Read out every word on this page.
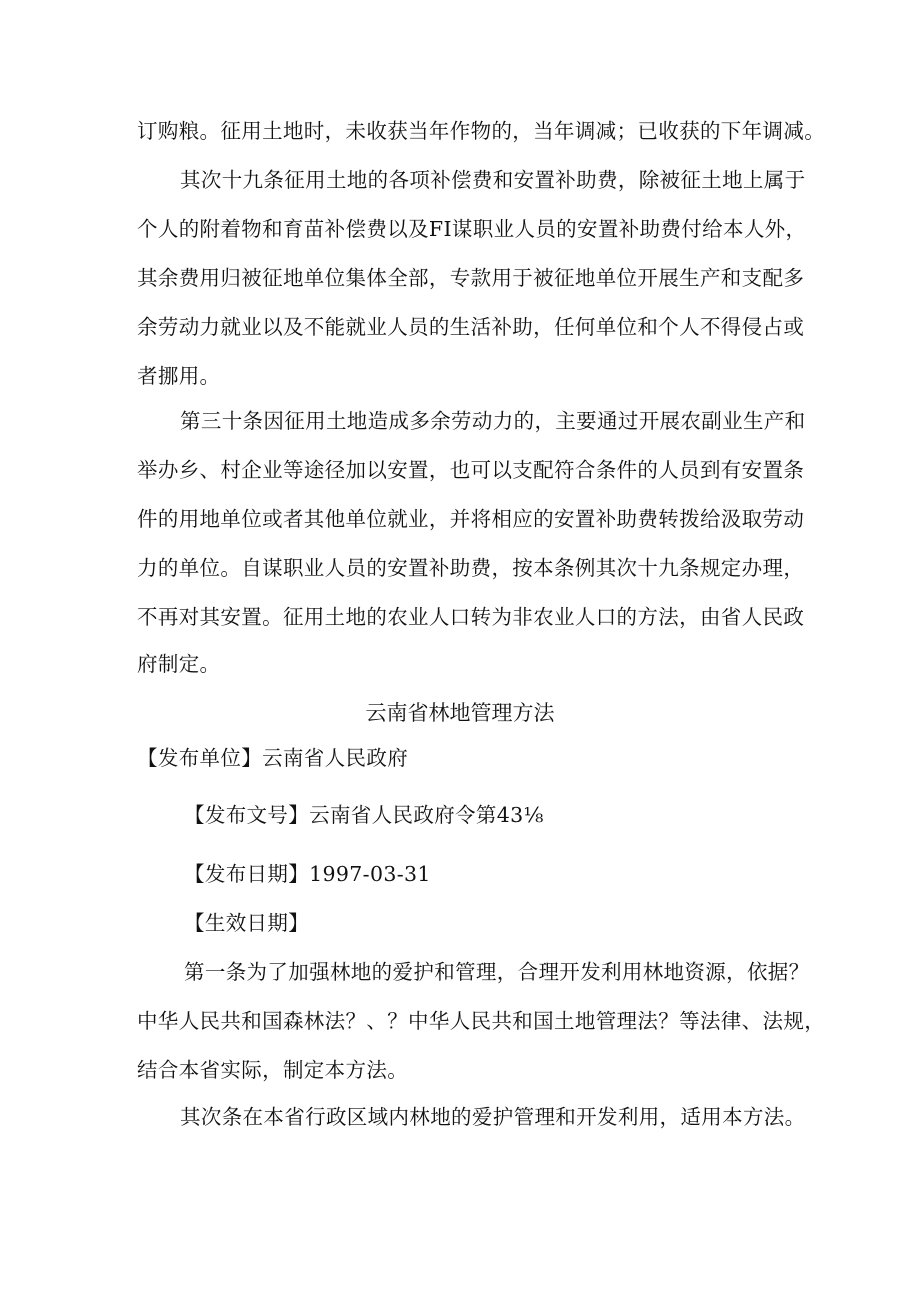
订购粮。征用土地时，未收获当年作物的，当年调减；已收获的下年调减。
其次十九条征用土地的各项补偿费和安置补助费，除被征土地上属于
个人的附着物和育苗补偿费以及FI谋职业人员的安置补助费付给本人外，
其余费用归被征地单位集体全部，专款用于被征地单位开展生产和支配多
余劳动力就业以及不能就业人员的生活补助，任何单位和个人不得侵占或
者挪用。
第三十条因征用土地造成多余劳动力的，主要通过开展农副业生产和
举办乡、村企业等途径加以安置，也可以支配符合条件的人员到有安置条
件的用地单位或者其他单位就业，并将相应的安置补助费转拨给汲取劳动
力的单位。自谋职业人员的安置补助费，按本条例其次十九条规定办理，
不再对其安置。征用土地的农业人口转为非农业人口的方法，由省人民政
府制定。
云南省林地管理方法
【发布单位】云南省人民政府
【发布文号】云南省人民政府令第43⅛
【发布日期】1997-03-31
【生效日期】
第一条为了加强林地的爱护和管理，合理开发利用林地资源，依据？
中华人民共和国森林法？、？中华人民共和国土地管理法？等法律、法规，
结合本省实际，制定本方法。
其次条在本省行政区域内林地的爱护管理和开发利用，适用本方法。
